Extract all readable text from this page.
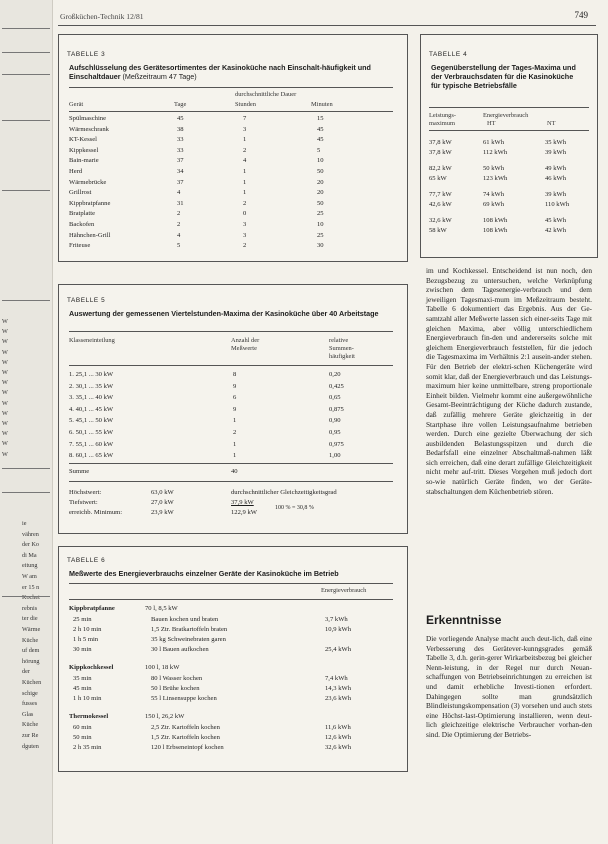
W
W
W
W
W
W
W
W
W
W
W
W
W
W
ie
vähren
der Ko
di Ma
eitung
W am
er 15 n
Kochet
rebnis
ter die
Wärme
Küche
uf dem
hörung
der
Küchen
schige
fusses
Glas
Küche
zur Re
dguten
Großküchen-Technik 12/81	749
TABELLE 3
Aufschlüsselung des Gerätesortimentes der Kasinoküche nach Einschalt-häufigkeit und Einschaltdauer (Meßzeitraum 47 Tage)
durchschnittliche Dauer
Gerät	Tage	Stunden	Minuten
Spülmaschine	45	7	15
Wärmeschrank	38	3	45
KT-Kessel	33	1	45
Kippkessel	33	2	5
Bain-marie	37	4	10
Herd	34	1	50
Wärmebrücke	37	1	20
Grillrost	4	1	20
Kippbratpfanne	31	2	50
Bratplatte	2	0	25
Backofen	2	3	10
Hähnchen-Grill	4	3	25
Friteuse	5	2	30
TABELLE 4
Gegenüberstellung der Tages-Maxima und der Verbrauchsdaten für die Kasinoküche für typische Betriebsfälle
Leistungs-
maximum
Energieverbrauch
HT	NT
37,8 kW	61 kWh	35 kWh
37,8 kW	112 kWh	39 kWh
82,2 kW	50 kWh	49 kWh
65 kW	123 kWh	46 kWh
77,7 kW	74 kWh	39 kWh
42,6 kW	69 kWh	110 kWh
32,6 kW	108 kWh	45 kWh
58 kW	108 kWh	42 kWh
TABELLE 5
Auswertung der gemessenen Viertelstunden-Maxima der Kasinoküche über 40 Arbeitstage
Klasseneinteilung	Anzahl der
Meßwerte
relative
Summen-
häufigkeit
1. 25,1 ... 30 kW	8	0,20
2. 30,1 ... 35 kW	9	0,425
3. 35,1 ... 40 kW	6	0,65
4. 40,1 ... 45 kW	9	0,875
5. 45,1 ... 50 kW	1	0,90
6. 50,1 ... 55 kW	2	0,95
7. 55,1 ... 60 kW	1	0,975
8. 60,1 ... 65 kW	1	1,00
Summe	40
Höchstwert:	63,0 kW
Tiefstwert:	27,0 kW
erreichb. Minimum:	23,9 kW
durchschnittlicher Gleichzeitigkeitsgrad
37,9 kW
122,9 kW
100 % = 30,8 %
TABELLE 6
Meßwerte des Energieverbrauchs einzelner Geräte der Kasinoküche im Betrieb
Energieverbrauch
Kippbratpfanne	70 l, 8,5 kW
25 min	Bauen kochen und braten	3,7 kWh
2 h 10 min	1,5 Ztr. Bratkartoffeln braten	10,9 kWh
1 h 5 min	35 kg Schweinebraten garen
30 min	30 l Bauen aufkochen	25,4 kWh
Kippkochkessel	100 l, 18 kW
35 min	80 l Wasser kochen	7,4 kWh
45 min	50 l Brühe kochen	14,3 kWh
1 h 10 min	55 l Linsensuppe kochen	23,6 kWh
Thermokessel	150 l, 26,2 kW
60 min	2,5 Ztr. Kartoffeln kochen	11,6 kWh
50 min	1,5 Ztr. Kartoffeln kochen	12,6 kWh
2 h 35 min	120 l Erbseneintopf kochen	32,6 kWh

im und Kochkessel. Entscheidend ist nun noch, den Bezugsbezug zu untersuchen, welche Verknüpfung zwischen dem Tagesenergie-verbrauch und dem jeweiligen Tagesmaxi-mum im Meßzeitraum besteht. Tabelle 6 dokumentiert das Ergebnis. Aus der Ge-samtzahl aller Meßwerte lassen sich einer-seits Tage mit gleichen Maxima, aber völlig unterschiedlichem Energieverbrauch fin-den und andererseits solche mit gleichem Energieverbrauch feststellen, für die jedoch die Tagesmaxima im Verhältnis 2:1 ausein-ander stehen. Für den Betrieb der elektri-schen Küchengeräte wird somit klar, daß der Energieverbrauch und das Leistungs-maximum hier keine unmittelbare, streng proportionale Einheit bilden. Vielmehr kommt eine außergewöhnliche Gesamt-Beeinträchtigung der Küche dadurch zustande, daß zufällig mehrere Geräte gleichzeitig in der Startphase ihre vollen Leistungsaufnahme betrieben werden. Durch eine gezielte Überwachung der sich ausbildenden Belastungsspitzen und durch die Bedarfsfall eine einzelner Abschaltmaß-nahmen läßt sich erreichen, daß eine derart zufällige Gleichzeitigkeit nicht mehr auf-tritt. Dieses Vorgehen muß jedoch dort so-wie natürlich Geräte finden, wo der Geräte-stabschaltungen dem Küchenbetrieb stören.

Erkenntnisse

Die vorliegende Analyse macht auch deut-lich, daß eine Verbesserung des Gerätever-kunngsgrades gemäß Tabelle 3, d.h. gerin-gerer Wirkarbeitsbezug bei gleicher Nenn-leistung, in der Regel nur durch Neuan-schaffungen von Betriebseinrichtungen zu erreichen ist und damit erhebliche Investi-tionen erfordert. Dahingegen sollte man grundsätzlich Blindleistungskompensation (3) vorsehen und auch stets eine Höchst-last-Optimierung installieren, wenn deut-lich gleichzeitige elektrische Verbraucher vorhan-den sind. Die Optimierung der Betriebs-
